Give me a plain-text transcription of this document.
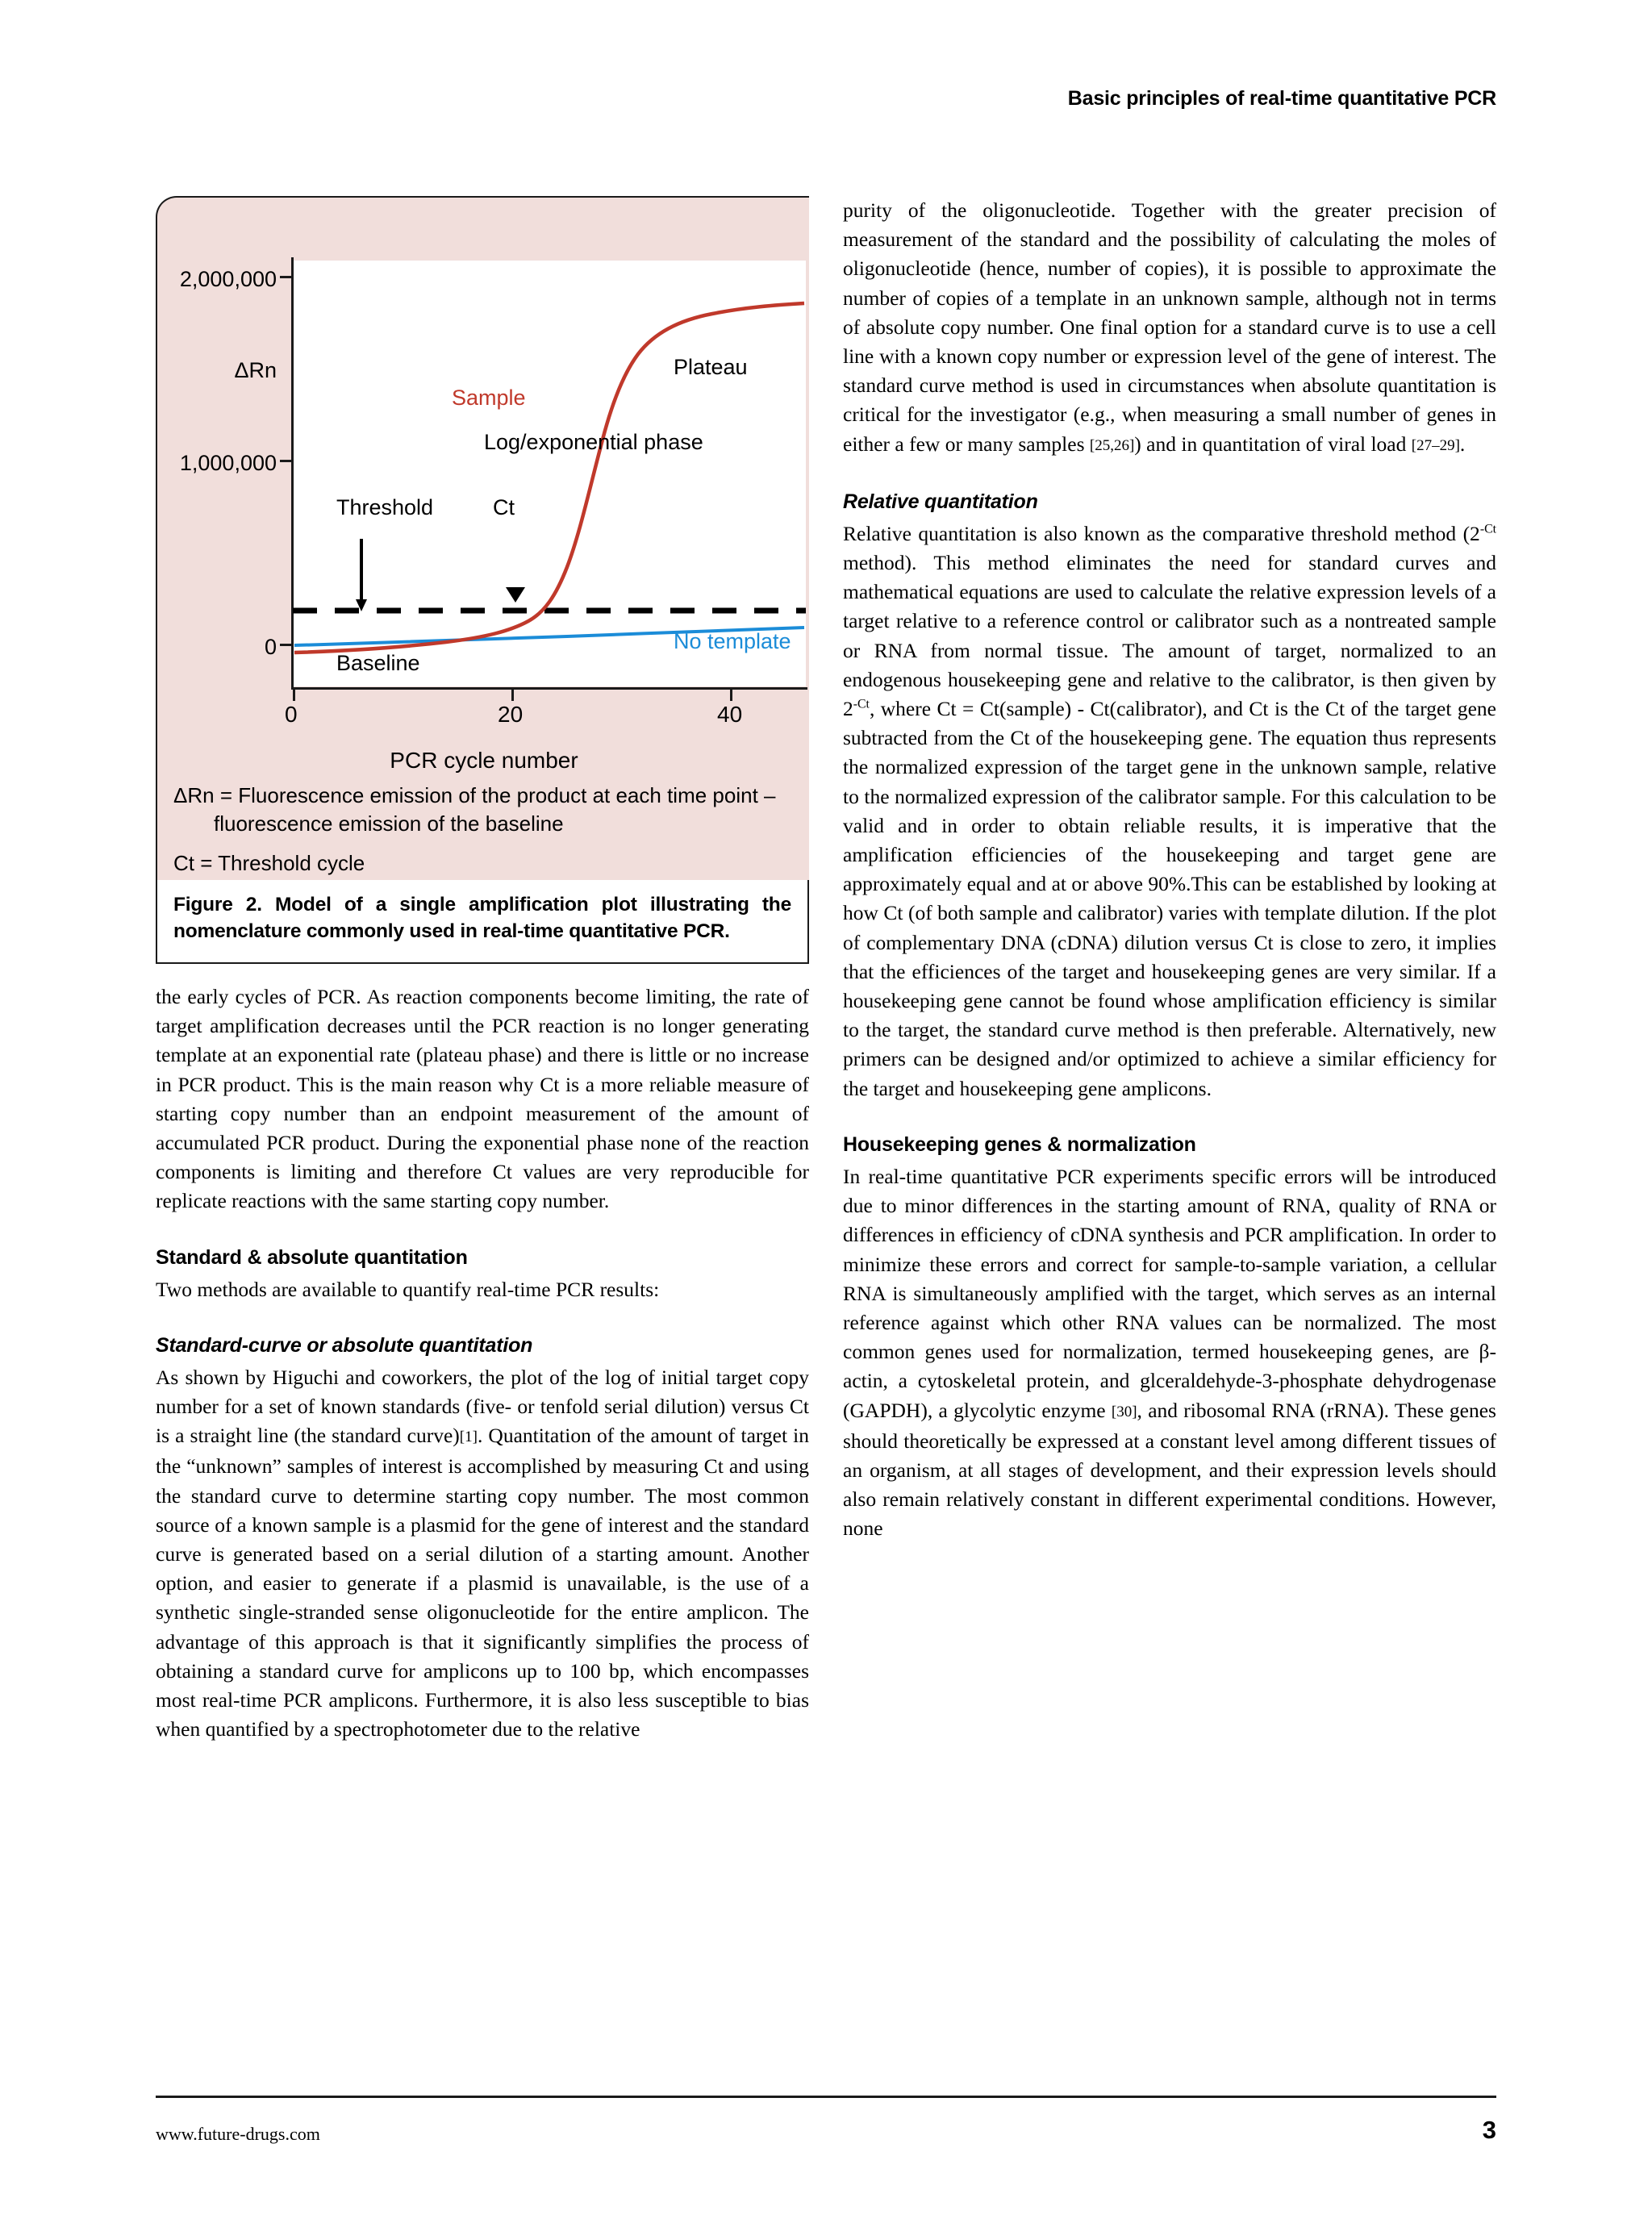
Basic principles of real-time quantitative PCR
2,000,000
1,000,000
0
ΔRn
0	20	40
PCR cycle number
Sample
Plateau
Log/exponential phase
Threshold	Ct
Baseline
No template
ΔRn = Fluorescence emission of the product at each time point –
fluorescence emission of the baseline
Ct = Threshold cycle
Figure 2. Model of a single amplification plot illustrating the nomenclature commonly used in real-time quantitative PCR.

the early cycles of PCR. As reaction components become limiting, the rate of target amplification decreases until the PCR reaction is no longer generating template at an exponential rate (plateau phase) and there is little or no increase in PCR product. This is the main reason why Ct is a more reliable measure of starting copy number than an endpoint measurement of the amount of accumulated PCR product. During the exponential phase none of the reaction components is limiting and therefore Ct values are very reproducible for replicate reactions with the same starting copy number.

Standard & absolute quantitation

Two methods are available to quantify real-time PCR results:

Standard-curve or absolute quantitation

As shown by Higuchi and coworkers, the plot of the log of initial target copy number for a set of known standards (five- or tenfold serial dilution) versus Ct is a straight line (the standard curve)[1]. Quantitation of the amount of target in the “unknown” samples of interest is accomplished by measuring Ct and using the standard curve to determine starting copy number. The most common source of a known sample is a plasmid for the gene of interest and the standard curve is generated based on a serial dilution of a starting amount. Another option, and easier to generate if a plasmid is unavailable, is the use of a synthetic single-stranded sense oligonucleotide for the entire amplicon. The advantage of this approach is that it significantly simplifies the process of obtaining a standard curve for amplicons up to 100 bp, which encompasses most real-time PCR amplicons. Furthermore, it is also less susceptible to bias when quantified by a spectrophotometer due to the relative

purity of the oligonucleotide. Together with the greater precision of measurement of the standard and the possibility of calculating the moles of oligonucleotide (hence, number of copies), it is possible to approximate the number of copies of a template in an unknown sample, although not in terms of absolute copy number. One final option for a standard curve is to use a cell line with a known copy number or expression level of the gene of interest. The standard curve method is used in circumstances when absolute quantitation is critical for the investigator (e.g., when measuring a small number of genes in either a few or many samples [25,26]) and in quantitation of viral load [27–29].

Relative quantitation

Relative quantitation is also known as the comparative threshold method ($2^{-Ct}$ method). This method eliminates the need for standard curves and mathematical equations are used to calculate the relative expression levels of a target relative to a reference control or calibrator such as a nontreated sample or RNA from normal tissue. The amount of target, normalized to an endogenous housekeeping gene and relative to the calibrator, is then given by $2^{-Ct}$, where Ct = Ct(sample) - Ct(calibrator), and Ct is the Ct of the target gene subtracted from the Ct of the housekeeping gene. The equation thus represents the normalized expression of the target gene in the unknown sample, relative to the normalized expression of the calibrator sample. For this calculation to be valid and in order to obtain reliable results, it is imperative that the amplification efficiencies of the housekeeping and target gene are approximately equal and at or above 90%.This can be established by looking at how Ct (of both sample and calibrator) varies with template dilution. If the plot of complementary DNA (cDNA) dilution versus Ct is close to zero, it implies that the efficiences of the target and housekeeping genes are very similar. If a housekeeping gene cannot be found whose amplification efficiency is similar to the target, the standard curve method is then preferable. Alternatively, new primers can be designed and/or optimized to achieve a similar efficiency for the target and housekeeping gene amplicons.

Housekeeping genes & normalization

In real-time quantitative PCR experiments specific errors will be introduced due to minor differences in the starting amount of RNA, quality of RNA or differences in efficiency of cDNA synthesis and PCR amplification. In order to minimize these errors and correct for sample-to-sample variation, a cellular RNA is simultaneously amplified with the target, which serves as an internal reference against which other RNA values can be normalized. The most common genes used for normalization, termed housekeeping genes, are β-actin, a cytoskeletal protein, and glceraldehyde-3-phosphate dehydrogenase (GAPDH), a glycolytic enzyme [30], and ribosomal RNA (rRNA). These genes should theoretically be expressed at a constant level among different tissues of an organism, at all stages of development, and their expression levels should also remain relatively constant in different experimental conditions. However, none

www.future-drugs.com	3
